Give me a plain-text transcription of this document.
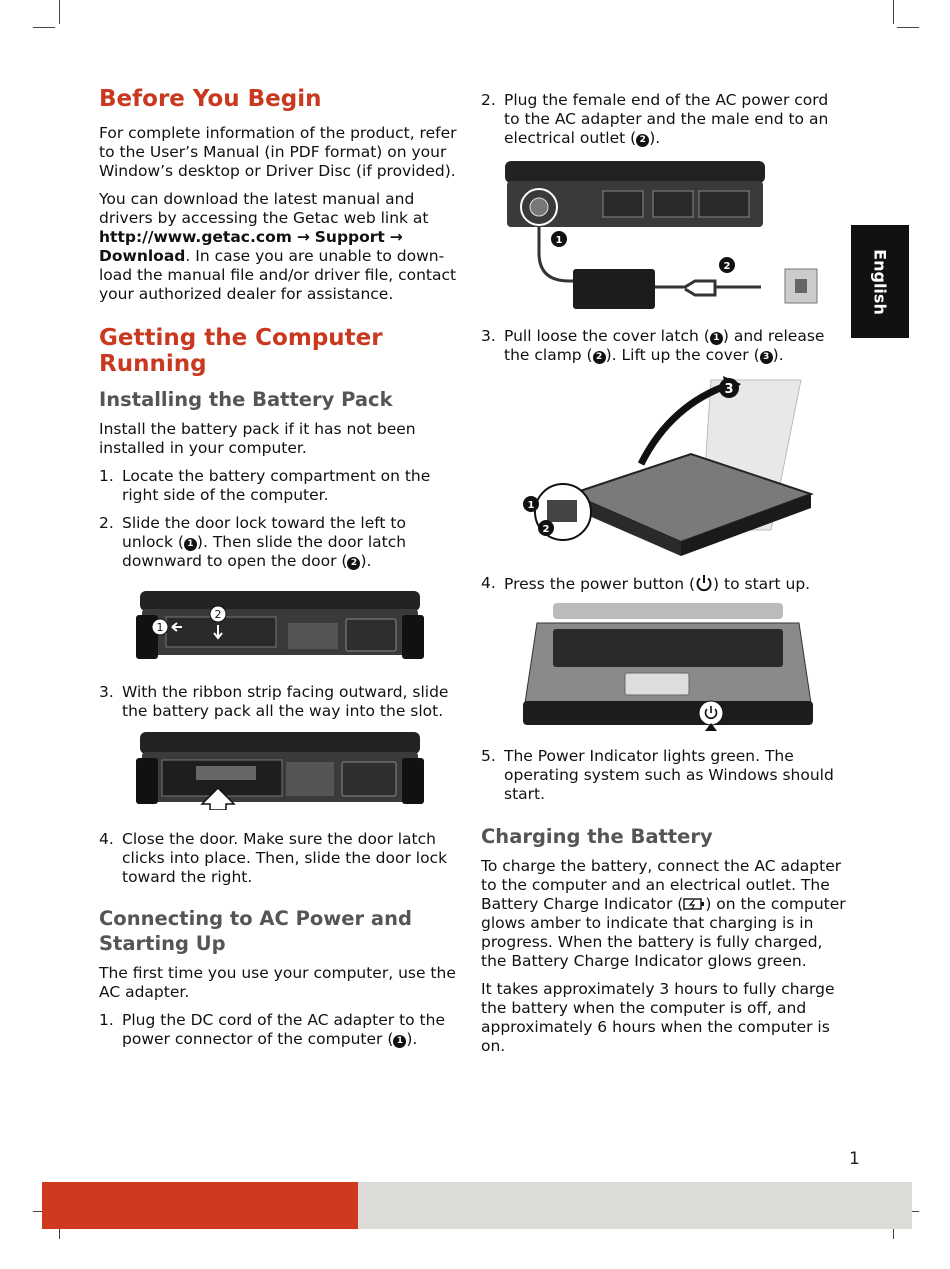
English
Before You Begin

For complete information of the product, refer to the User’s Manual (in PDF format) on your Window’s desktop or Driver Disc (if provided).

You can download the latest manual and drivers by accessing the Getac web link at http://www.getac.com → Support → Download. In case you are unable to down-load the manual file and/or driver file, contact your authorized dealer for assistance.

Getting the Computer Running
Installing the Battery Pack

Install the battery pack if it has not been installed in your computer.

1. Locate the battery compartment on the right side of the computer.
2. Slide the door lock toward the left to unlock ( 1 ). Then slide the door latch downward to open the door ( 2 ).
1
2
3. With the ribbon strip facing outward, slide the battery pack all the way into the slot.
4. Close the door. Make sure the door latch clicks into place. Then, slide the door lock toward the right.
Connecting to AC Power and Starting Up

The first time you use your computer, use the AC adapter.

1. Plug the DC cord of the AC adapter to the power connector of the computer ( 1 ).
2. Plug the female end of the AC power cord to the AC adapter and the male end to an electrical outlet ( 2 ).
1
2
3. Pull loose the cover latch ( 1 ) and release the clamp ( 2 ). Lift up the cover ( 3 ).
3
1
2
4. Press the power button ( ) to start up.
5. The Power Indicator lights green. The operating system such as Windows should start.
Charging the Battery

To charge the battery, connect the AC adapter to the computer and an electrical outlet. The Battery Charge Indicator ( ) on the computer glows amber to indicate that charging is in progress. When the battery is fully charged, the Battery Charge Indicator glows green.

It takes approximately 3 hours to fully charge the battery when the computer is off, and approximately 6 hours when the computer is on.

1
